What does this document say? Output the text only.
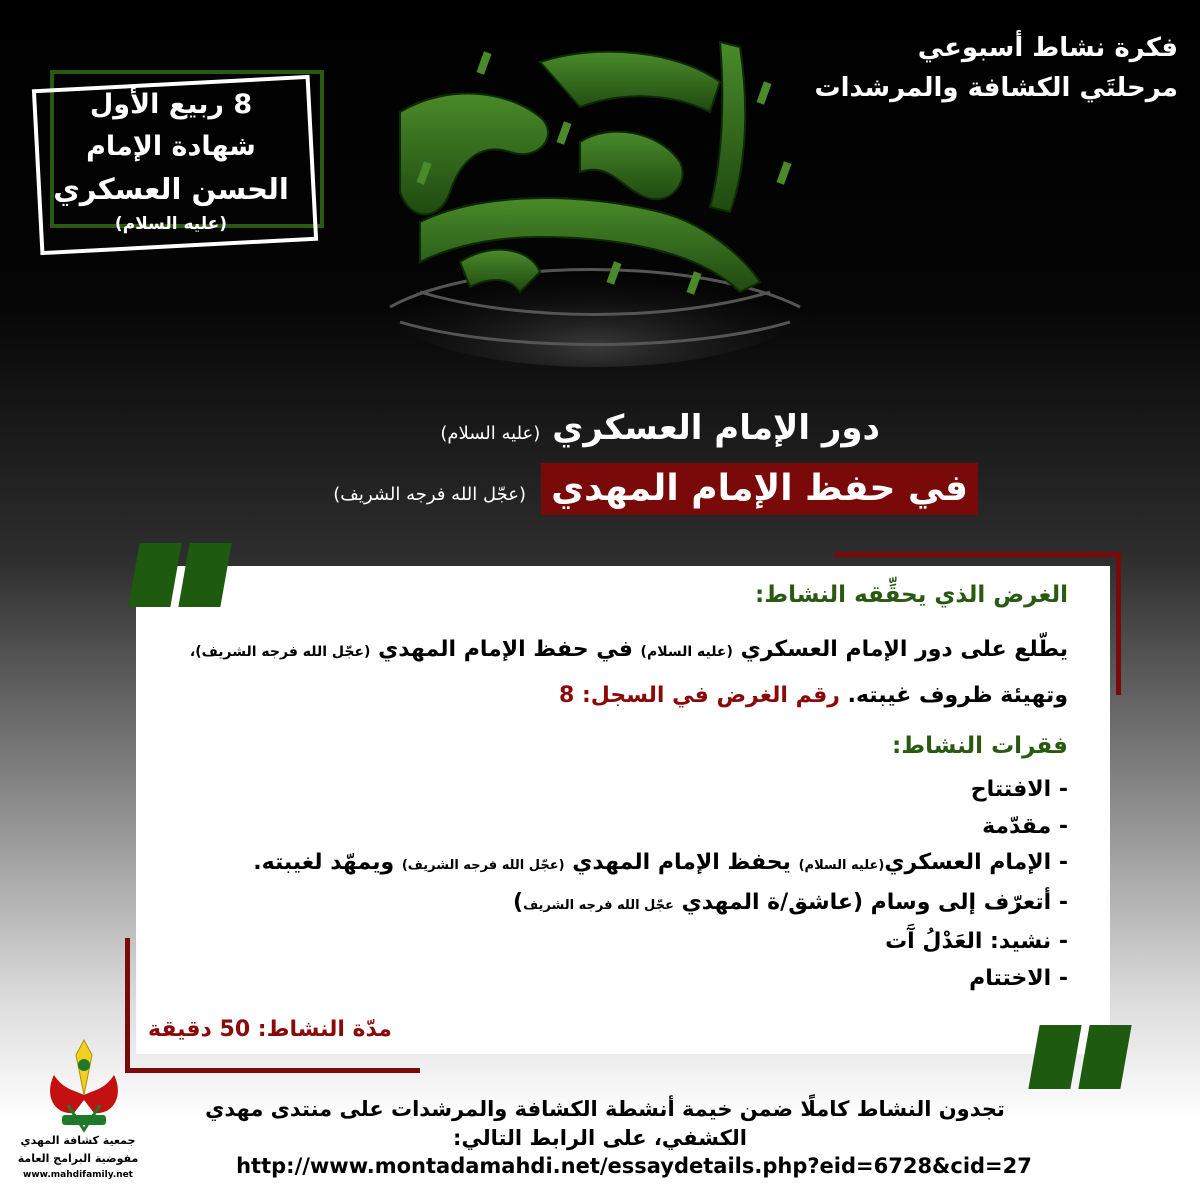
فكرة نشاط أسبوعي
مرحلتَي الكشافة والمرشدات
8 ربيع الأول
شهادة الإمام
الحسن العسكري
(عليه السلام)
دور الإمام العسكري (عليه السلام)
في حفظ الإمام المهدي (عجّل الله فرجه الشريف)
الغرض الذي يحقِّقه النشاط:
يطّلع على دور الإمام العسكري (عليه السلام) في حفظ الإمام المهدي (عجّل الله فرجه الشريف)، وتهيئة ظروف غيبته. رقم الغرض في السجل: 8
فقرات النشاط:
- الافتتاح
- مقدّمة
- الإمام العسكري(عليه السلام) يحفظ الإمام المهدي (عجّل الله فرجه الشريف) ويمهّد لغيبته.
- أتعرّف إلى وسام (عاشق/ة المهدي عجّل الله فرجه الشريف)
- نشيد: العَدْلُ آَت
- الاختتام
مدّة النشاط: 50 دقيقة
تجدون النشاط كاملًا ضمن خيمة أنشطة الكشافة والمرشدات على منتدى مهدي
الكشفي، على الرابط التالي:
http://www.montadamahdi.net/essaydetails.php?eid=6728&cid=27
جمعية كشافة المهدي
مفوضية البرامج العامة
www.mahdifamily.net
